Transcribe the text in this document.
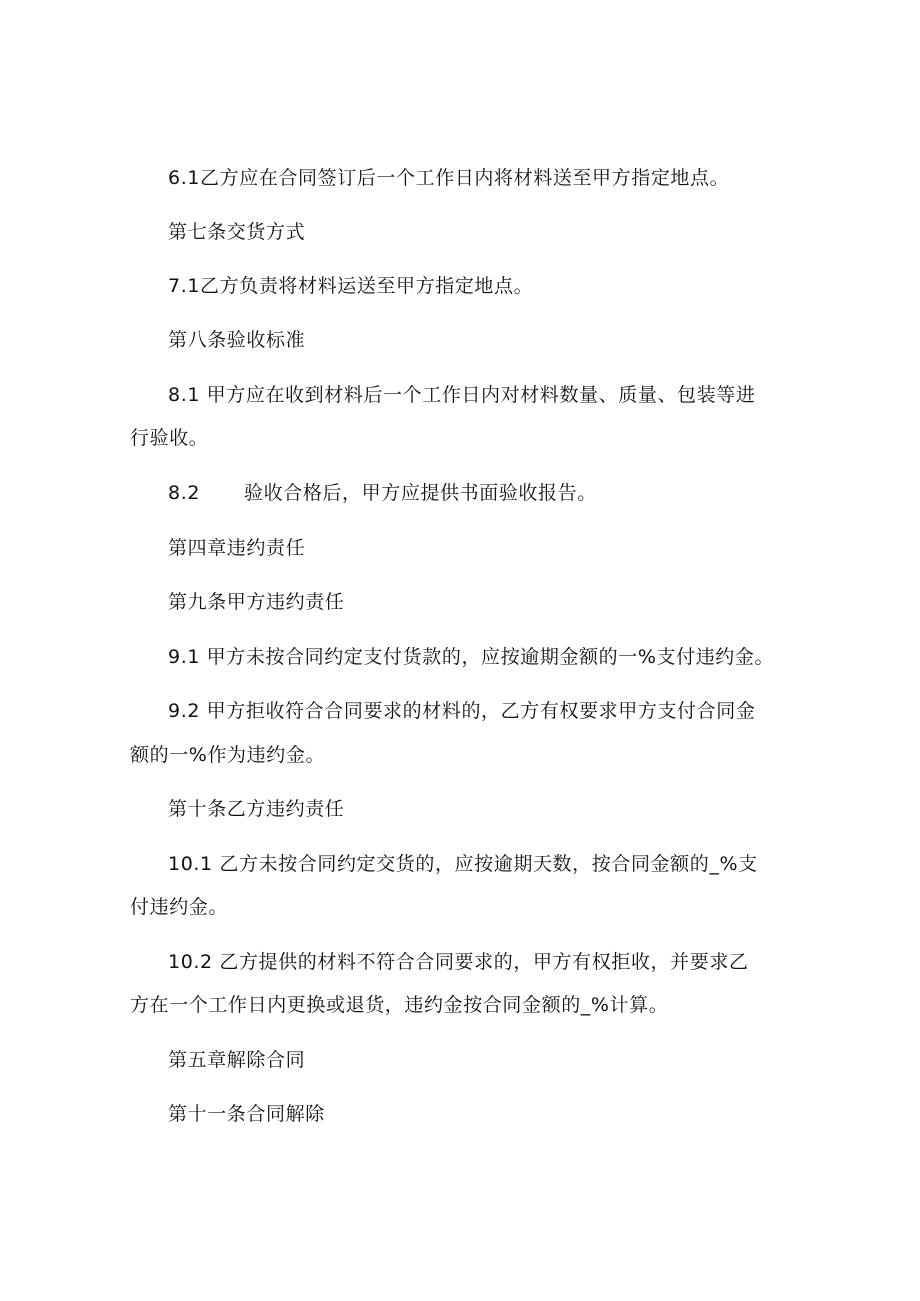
6.1乙方应在合同签订后一个工作日内将材料送至甲方指定地点。
第七条交货方式
7.1乙方负责将材料运送至甲方指定地点。
第八条验收标准
8.1 甲方应在收到材料后一个工作日内对材料数量、质量、包装等进
行验收。
8.2 验收合格后，甲方应提供书面验收报告。
第四章违约责任
第九条甲方违约责任
9.1 甲方未按合同约定支付货款的，应按逾期金额的一%支付违约金。
9.2 甲方拒收符合合同要求的材料的，乙方有权要求甲方支付合同金
额的一%作为违约金。
第十条乙方违约责任
10.1 乙方未按合同约定交货的，应按逾期天数，按合同金额的_%支
付违约金。
10.2 乙方提供的材料不符合合同要求的，甲方有权拒收，并要求乙
方在一个工作日内更换或退货，违约金按合同金额的_%计算。
第五章解除合同
第十一条合同解除
